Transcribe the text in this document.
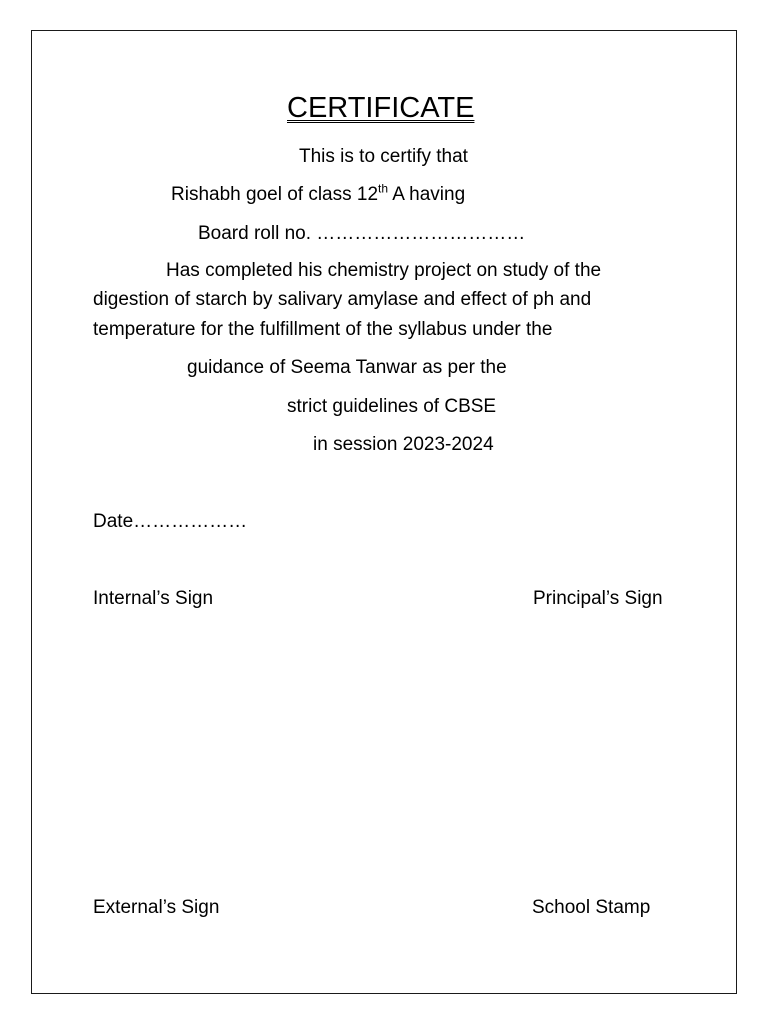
CERTIFICATE
This is to certify that
Rishabh goel of class 12th A having
Board roll no. ……………………………
Has completed his chemistry project on study of the
digestion of starch by salivary amylase and effect of ph and
temperature for the fulfillment of the syllabus under the
guidance of Seema Tanwar as per the
strict guidelines of CBSE
in session 2023-2024
Date………………
Internal’s Sign	Principal’s Sign
External’s Sign	School Stamp
